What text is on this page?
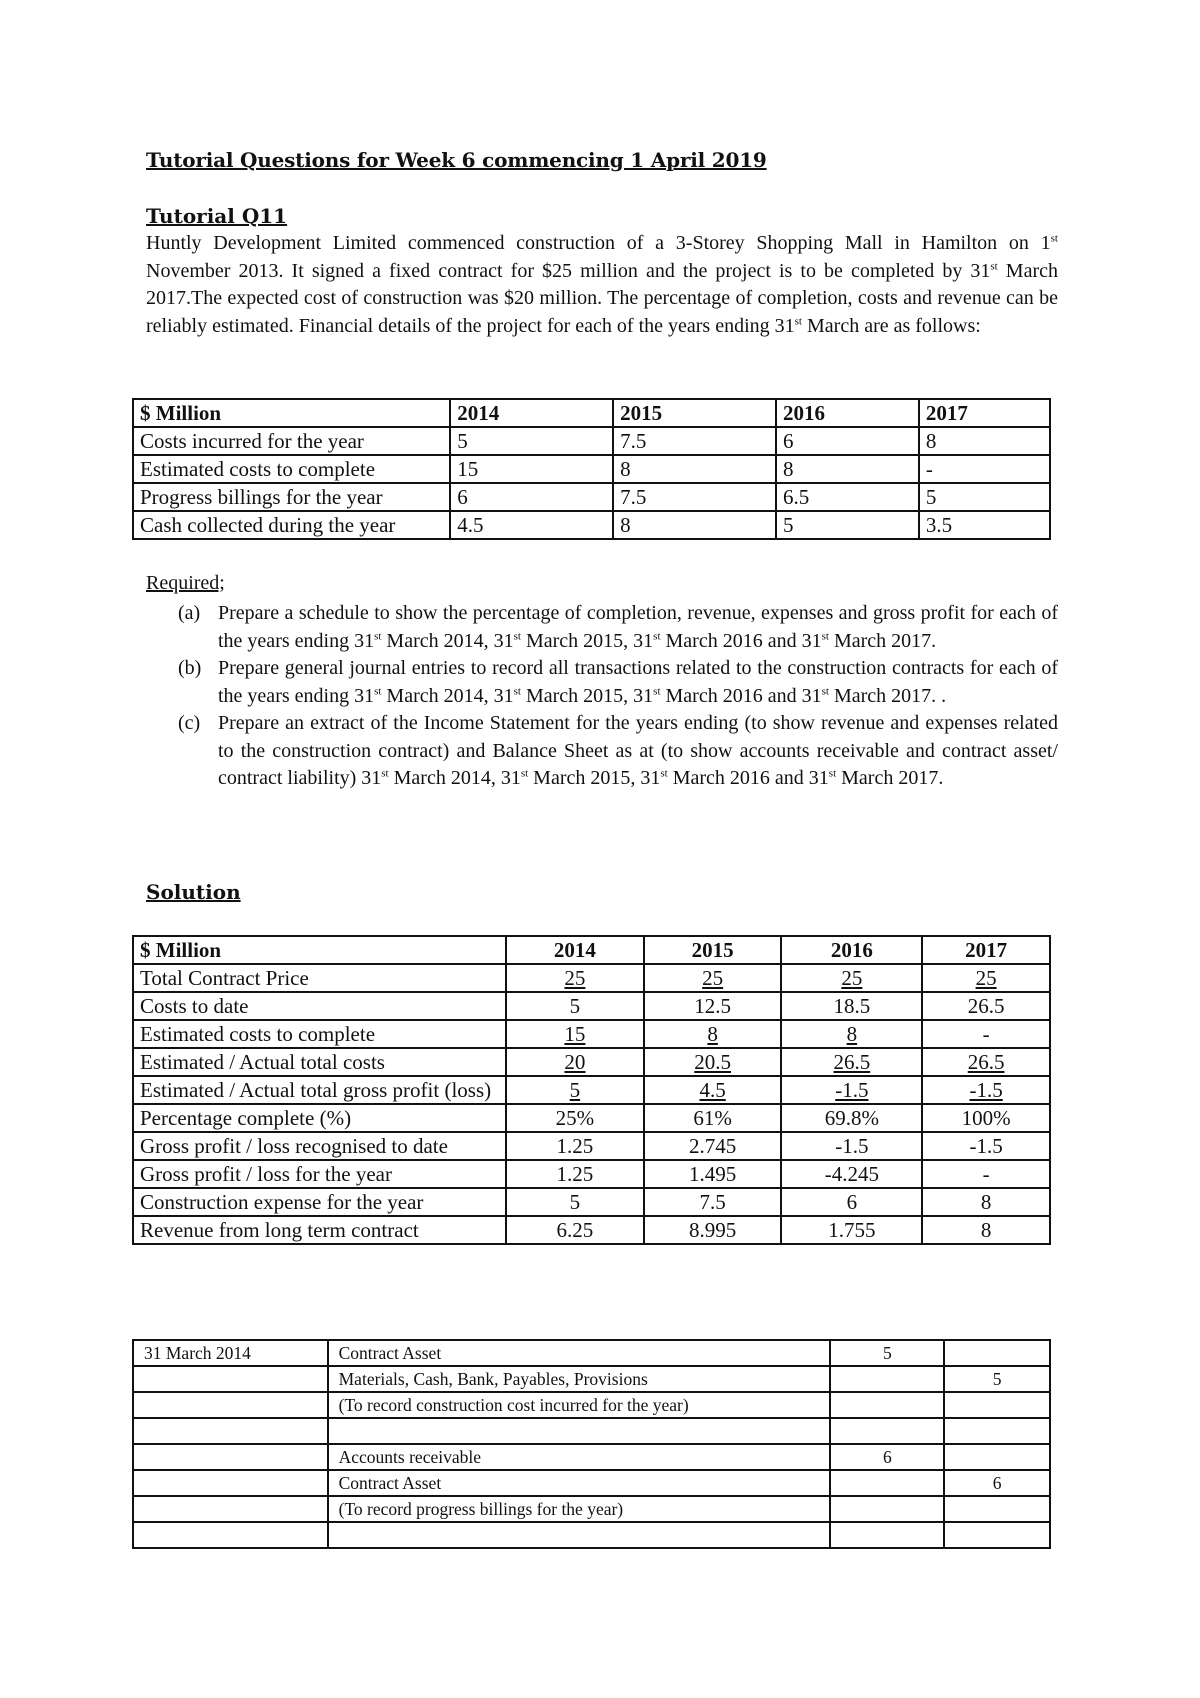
Tutorial Questions for Week 6 commencing 1 April 2019
Tutorial Q11
Huntly Development Limited commenced construction of a 3-Storey Shopping Mall in Hamilton on 1st November 2013. It signed a fixed contract for $25 million and the project is to be completed by 31st March 2017.The expected cost of construction was $20 million. The percentage of completion, costs and revenue can be reliably estimated. Financial details of the project for each of the years ending 31st March are as follows:
$ Million	2014	2015	2016	2017
Costs incurred for the year	5	7.5	6	8
Estimated costs to complete	15	8	8	-
Progress billings for the year	6	7.5	6.5	5
Cash collected during the year	4.5	8	5	3.5
Required;
(a) Prepare a schedule to show the percentage of completion, revenue, expenses and gross profit for each of the years ending 31st March 2014, 31st March 2015, 31st March 2016 and 31st March 2017.
(b) Prepare general journal entries to record all transactions related to the construction contracts for each of the years ending 31st March 2014, 31st March 2015, 31st March 2016 and 31st March 2017. .
(c) Prepare an extract of the Income Statement for the years ending (to show revenue and expenses related to the construction contract) and Balance Sheet as at (to show accounts receivable and contract asset/ contract liability) 31st March 2014, 31st March 2015, 31st March 2016 and 31st March 2017.
Solution
$ Million	2014	2015	2016	2017
Total Contract Price	25	25	25	25
Costs to date	5	12.5	18.5	26.5
Estimated costs to complete	15	8	8	-
Estimated / Actual total costs	20	20.5	26.5	26.5
Estimated / Actual total gross profit (loss)	5	4.5	-1.5	-1.5
Percentage complete (%)	25%	61%	69.8%	100%
Gross profit / loss recognised to date	1.25	2.745	-1.5	-1.5
Gross profit / loss for the year	1.25	1.495	-4.245	-
Construction expense for the year	5	7.5	6	8
Revenue from long term contract	6.25	8.995	1.755	8
31 March 2014	Contract Asset	5	
	Materials, Cash, Bank, Payables, Provisions		5
	(To record construction cost incurred for the year)		

	Accounts receivable	6	
	Contract Asset		6
	(To record progress billings for the year)		
